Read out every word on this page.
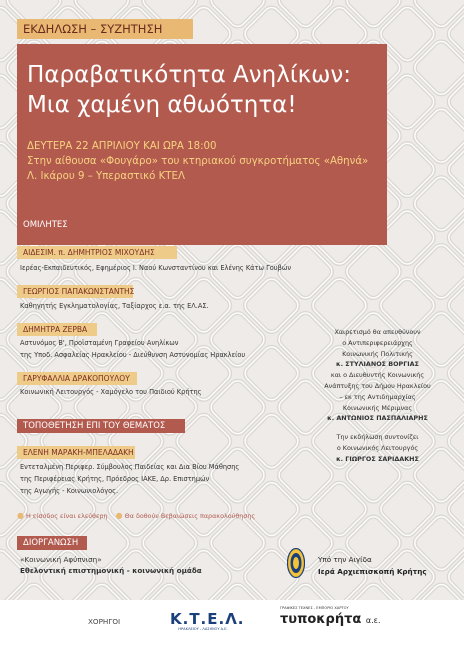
ΕΚΔΗΛΩΣΗ – ΣΥΖΗΤΗΣΗ
Παραβατικότητα Ανηλίκων:
Μια χαμένη αθωότητα!
ΔΕΥΤΕΡΑ 22 ΑΠΡΙΛΙΟΥ ΚΑΙ ΩΡΑ 18:00
Στην αίθουσα «Φουγάρο» του κτηριακού συγκροτήματος «Αθηνά»
Λ. Ικάρου 9 – Υπεραστικό ΚΤΕΛ
ΟΜΙΛΗΤΕΣ
ΑΙΔΕΣΙΜ. π. ΔΗΜΗΤΡΙΟΣ ΜΙΧΟΥΔΗΣ
Ιερέας-Εκπαιδευτικός, Εφημέριος Ι. Ναού Κωνσταντίνου και Ελένης Κάτω Γουβών
ΓΕΩΡΓΙΟΣ ΠΑΠΑΚΩΝΣΤΑΝΤΗΣ
Καθηγητής Εγκληματολογίας, Ταξίαρχος ε.α. της ΕΛ.ΑΣ.
ΔΗΜΗΤΡΑ ΖΕΡΒΑ
Αστυνόμος Β', Προϊσταμένη Γραφείου Ανηλίκων
της Υποδ. Ασφαλείας Ηρακλείου - Διεύθυνση Αστυνομίας Ηρακλείου
ΓΑΡΥΦΑΛΛΙΑ ΔΡΑΚΟΠΟΥΛΟΥ
Κοινωνική Λειτουργός - Χαμόγελο του Παιδιού Κρήτης
ΤΟΠΟΘΕΤΗΣΗ ΕΠΙ ΤΟΥ ΘΕΜΑΤΟΣ
ΕΛΕΝΗ ΜΑΡΑΚΗ-ΜΠΕΛΑΔΑΚΗ
Εντεταλμένη Περιφερ. Σύμβουλος Παιδείας και Δια Βίου Μάθησης
της Περιφέρειας Κρήτης, Πρόεδρος ΙΑΚΕ, Δρ. Επιστημών
της Αγωγής - Κοινωνιολόγος.
● Η είσοδος είναι ελεύθερη ● Θα δοθούν Βεβαιώσεις παρακολούθησης
ΔΙΟΡΓΑΝΩΣΗ
«Κοινωνική Αφύπνιση»
Εθελοντική επιστημονική - κοινωνική ομάδα
Χαιρετισμό θα απευθύνουν
ο Αντιπεριφερειάρχης
Κοινωνικής Πολιτικής
κ. ΣΤΥΛΙΑΝΟΣ ΒΟΡΓΙΑΣ
και ο Διευθυντής Κοινωνικής
Ανάπτυξης του Δήμου Ηρακλείου
– εκ της Αντιδημαρχίας
Κοινωνικής Μέριμνας
κ. ΑΝΤΩΝΙΟΣ ΠΑΣΠΑΛΙΑΡΗΣ
Την εκδήλωση συντονίζει
ο Κοινωνικός Λειτουργός
κ. ΓΙΩΡΓΟΣ ΣΑΡΙΔΑΚΗΣ
Υπό την Αιγίδα
Ιερά Αρχιεπισκοπή Κρήτης
ΧΟΡΗΓΟΙ	Κ.Τ.Ε.Λ.
ΗΡΑΚΛΕΙΟΥ - ΛΑΣΙΘΙΟΥ Α.Ε.
ΓΡΑΦΙΚΕΣ ΤΕΧΝΕΣ - ΕΜΠΟΡΙΟ ΧΑΡΤΟΥ
τυποκρήτα α.ε.
